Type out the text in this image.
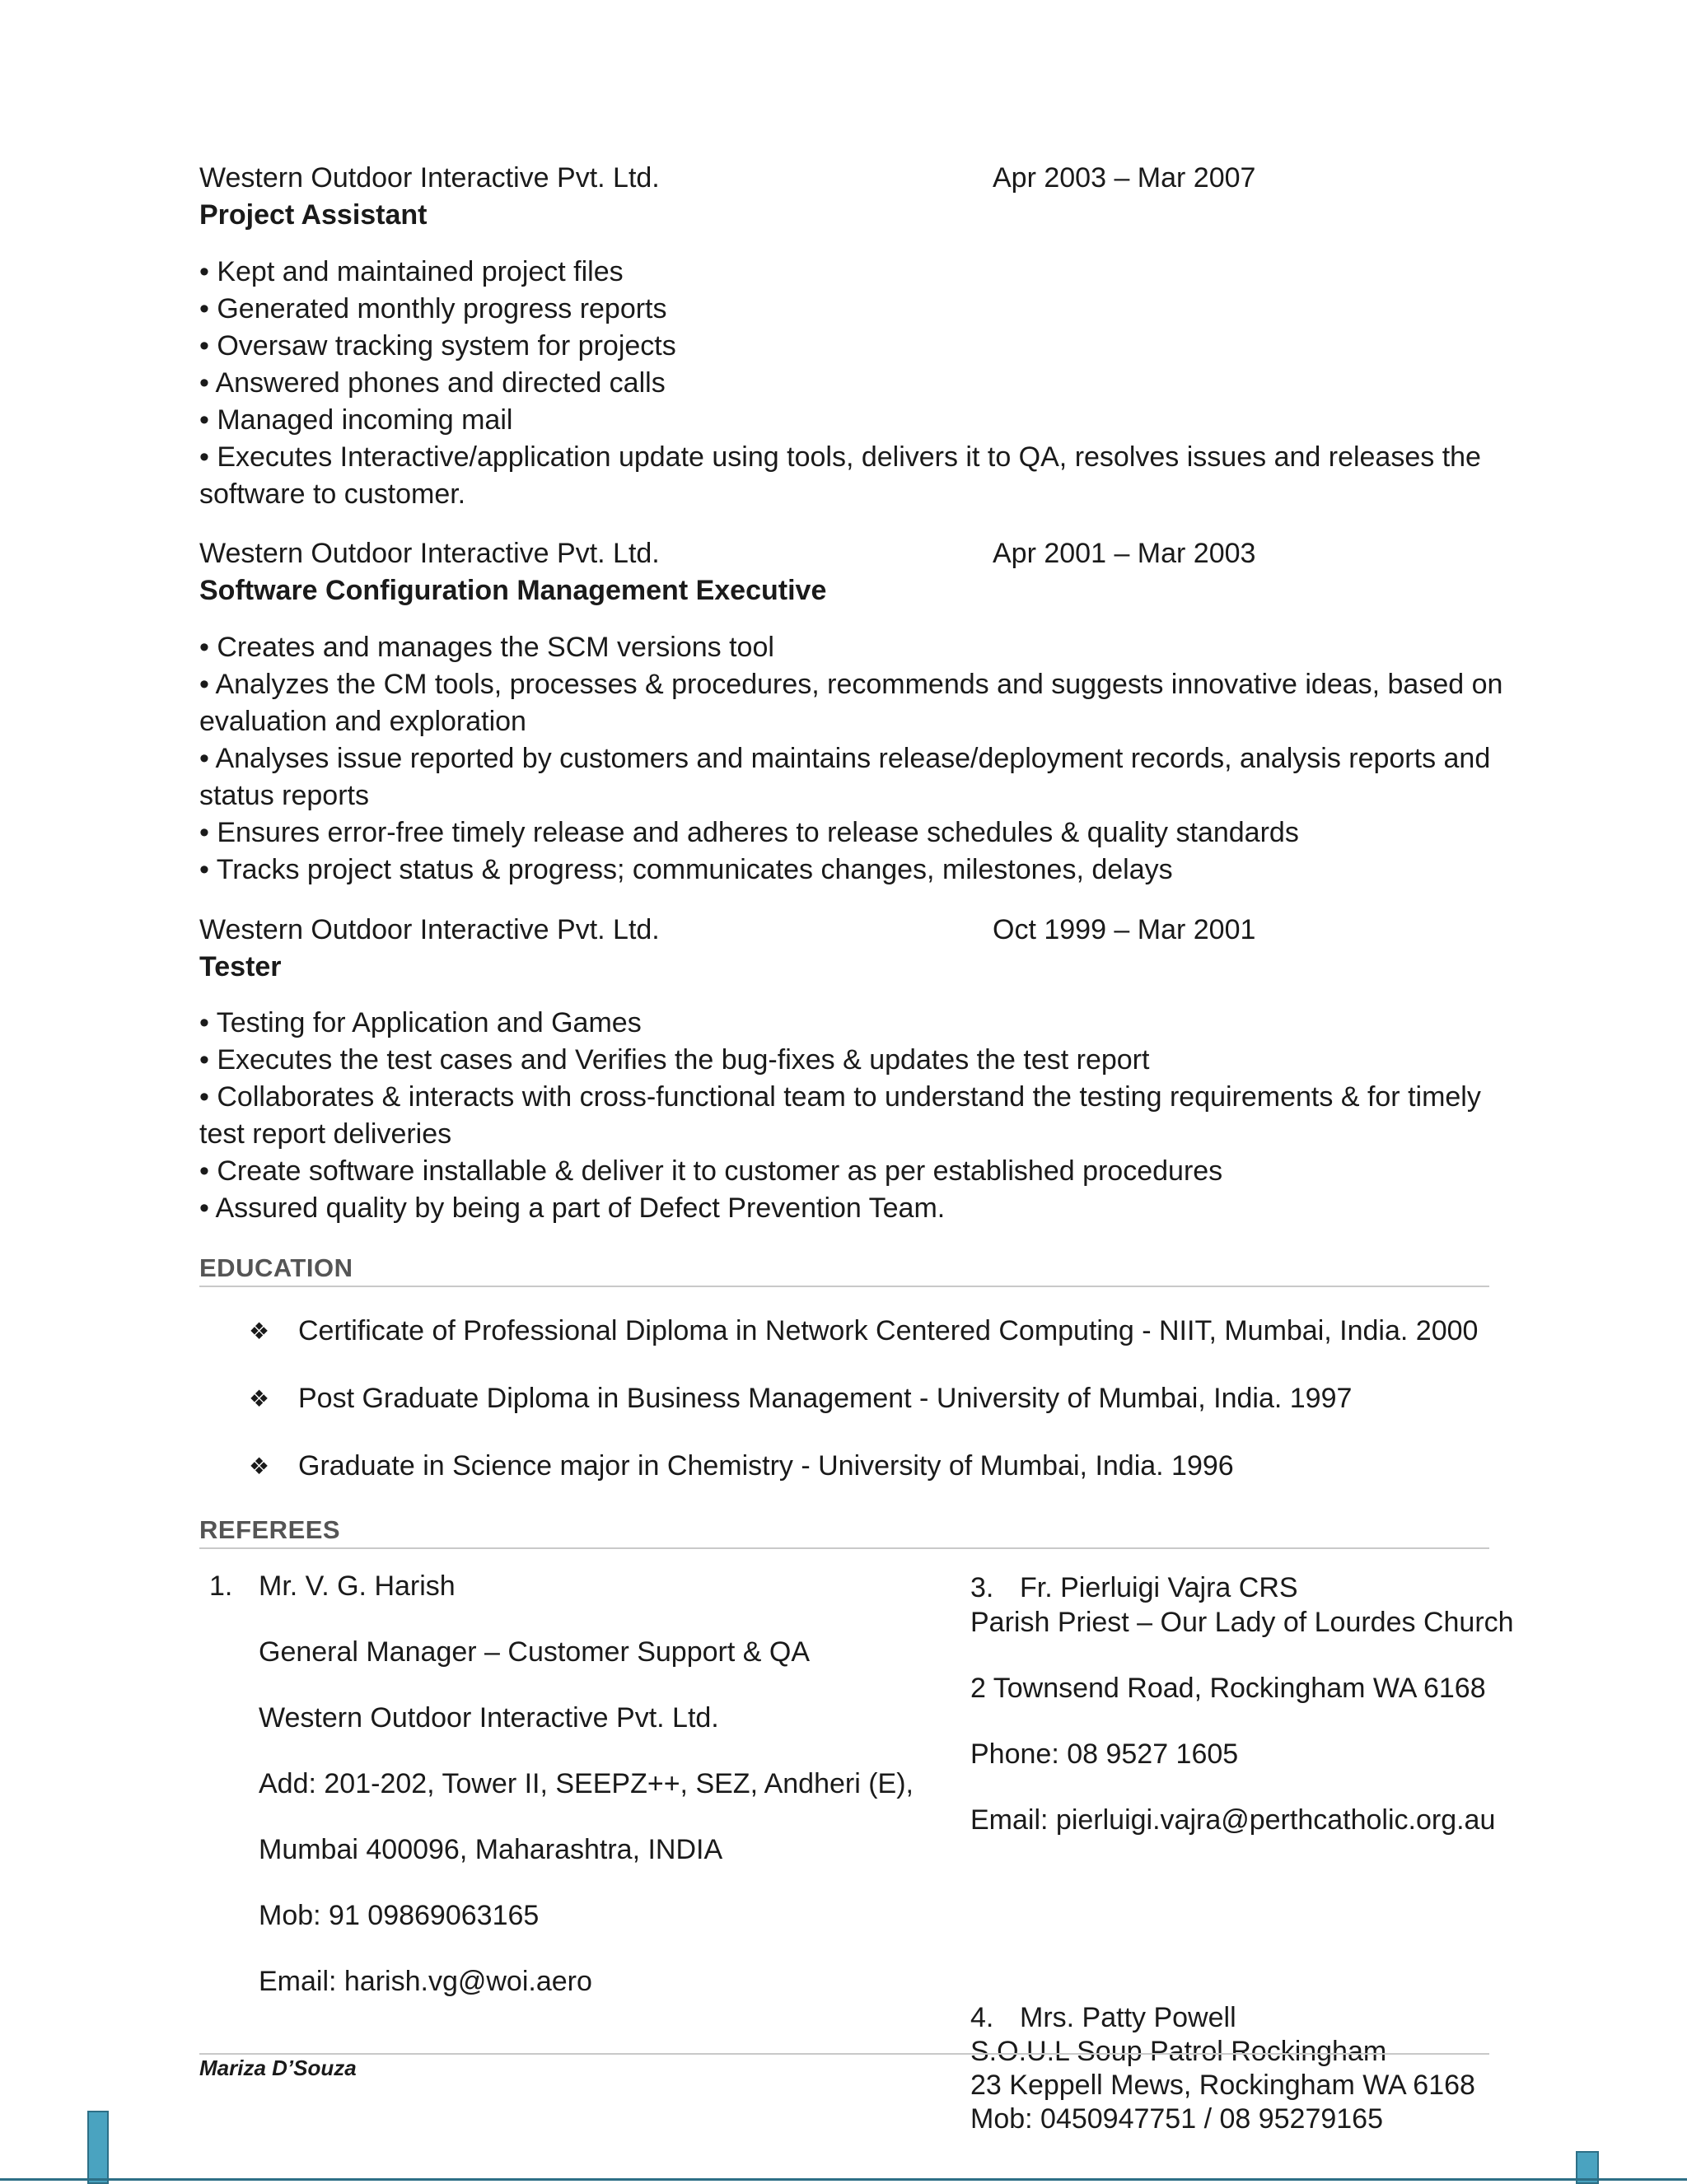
Western Outdoor Interactive Pvt. Ltd.	Apr 2003 – Mar 2007
Project Assistant
• Kept and maintained project files
• Generated monthly progress reports
• Oversaw tracking system for projects
• Answered phones and directed calls
• Managed incoming mail
• Executes Interactive/application update using tools, delivers it to QA, resolves issues and releases the software to customer.
Western Outdoor Interactive Pvt. Ltd.	Apr 2001 – Mar 2003
Software Configuration Management Executive
• Creates and manages the SCM versions tool
• Analyzes the CM tools, processes & procedures, recommends and suggests innovative ideas, based on evaluation and exploration
• Analyses issue reported by customers and maintains release/deployment records, analysis reports and status reports
• Ensures error-free timely release and adheres to release schedules & quality standards
• Tracks project status & progress; communicates changes, milestones, delays
Western Outdoor Interactive Pvt. Ltd.	Oct 1999 – Mar 2001
Tester
• Testing for Application and Games
• Executes the test cases and Verifies the bug-fixes & updates the test report
• Collaborates & interacts with cross-functional team to understand the testing requirements & for timely test report deliveries
• Create software installable & deliver it to customer as per established procedures
• Assured quality by being a part of Defect Prevention Team.
EDUCATION
❖ Certificate of Professional Diploma in Network Centered Computing - NIIT, Mumbai, India. 2000
❖ Post Graduate Diploma in Business Management - University of Mumbai, India. 1997
❖ Graduate in Science major in Chemistry - University of Mumbai, India. 1996
REFEREES
1. Mr. V. G. Harish
General Manager – Customer Support & QA
Western Outdoor Interactive Pvt. Ltd.
Add: 201-202, Tower II, SEEPZ++, SEZ, Andheri (E),
Mumbai 400096, Maharashtra, INDIA
Mob: 91 09869063165
Email: harish.vg@woi.aero
3. Fr. Pierluigi Vajra CRS
Parish Priest – Our Lady of Lourdes Church
2 Townsend Road, Rockingham WA 6168
Phone: 08 9527 1605
Email: pierluigi.vajra@perthcatholic.org.au
4. Mrs. Patty Powell
S.O.U.L Soup Patrol Rockingham
23 Keppell Mews, Rockingham WA 6168
Mob: 0450947751 / 08 95279165
Mariza D’Souza
